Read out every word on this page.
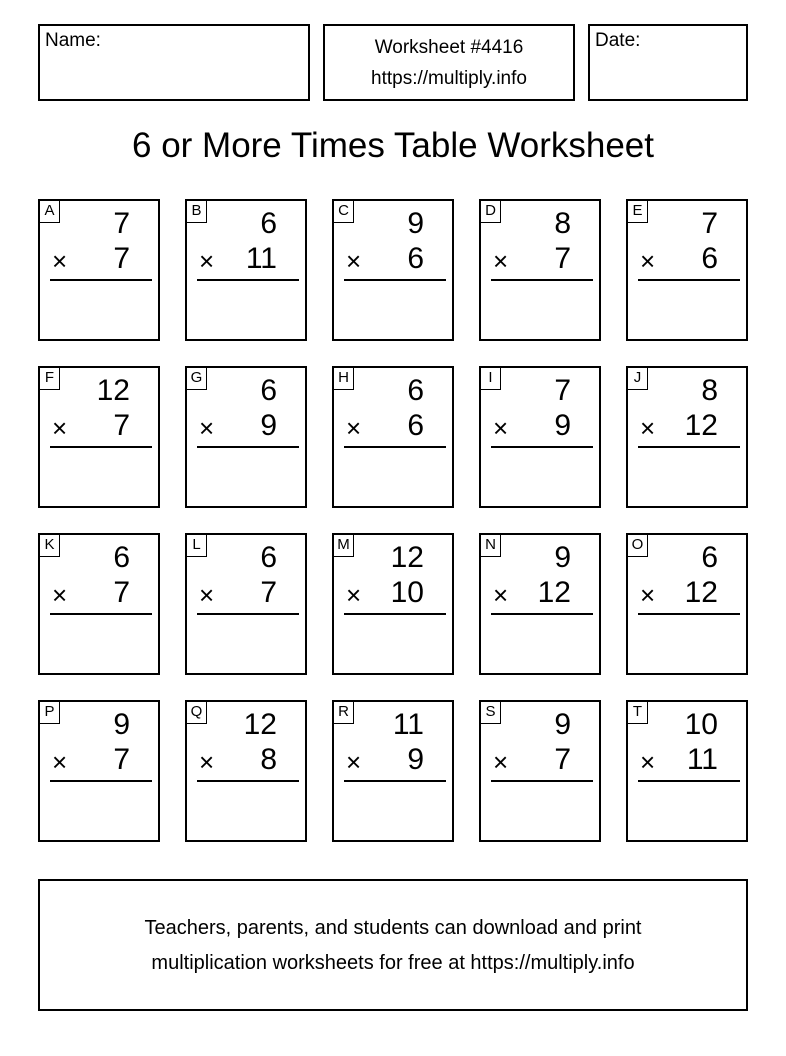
Name:	Worksheet #4416
https://multiply.info
Date:
6 or More Times Table Worksheet
A 7
× 7
B 6
× 11
C 9
× 6
D 8
× 7
E 7
× 6
F 12
× 7
G 6
× 9
H 6
× 6
I 7
× 9
J 8
× 12
K 6
× 7
L 6
× 7
M 12
× 10
N 9
× 12
O 6
× 12
P 9
× 7
Q 12
× 8
R 11
× 9
S 9
× 7
T 10
× 11
Teachers, parents, and students can download and print
multiplication worksheets for free at https://multiply.info
